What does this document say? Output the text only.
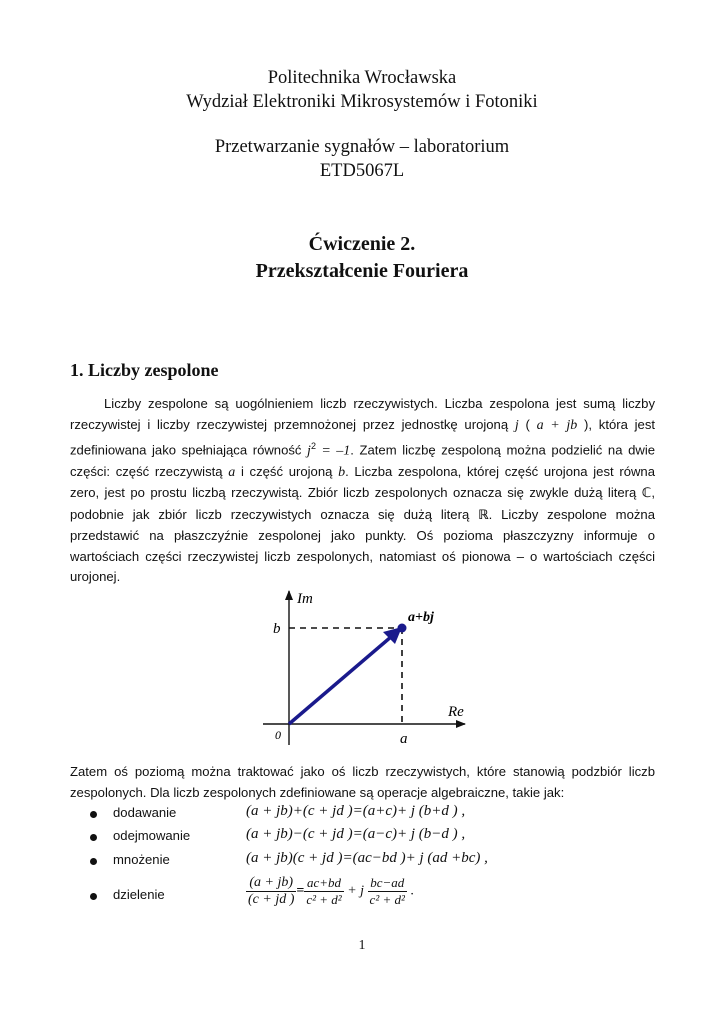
Politechnika Wrocławska
Wydział Elektroniki Mikrosystemów i Fotoniki
Przetwarzanie sygnałów – laboratorium
ETD5067L
Ćwiczenie 2.
Przekształcenie Fouriera
1. Liczby zespolone

Liczby zespolone są uogólnieniem liczb rzeczywistych. Liczba zespolona jest sumą liczby rzeczywistej i liczby rzeczywistej przemnożonej przez jednostkę urojoną j ( a + jb ), która jest zdefiniowana jako spełniająca równość $j^2 = -1$. Zatem liczbę zespoloną można podzielić na dwie części: część rzeczywistą a i część urojoną b. Liczba zespolona, której część urojona jest równa zero, jest po prostu liczbą rzeczywistą. Zbiór liczb zespolonych oznacza się zwykle dużą literą ℂ, podobnie jak zbiór liczb rzeczywistych oznacza się dużą literą ℝ. Liczby zespolone można przedstawić na płaszczyźnie zespolonej jako punkty. Oś pozioma płaszczyzny informuje o wartościach części rzeczywistej liczb zespolonych, natomiast oś pionowa – o wartościach części urojonej.

Im
Re
b
a
0
a+bj

Zatem oś poziomą można traktować jako oś liczb rzeczywistych, które stanowią podzbiór liczb zespolonych. Dla liczb zespolonych zdefiniowane są operacje algebraiczne, takie jak:

dodawanie	(a + jb)+(c + jd )=(a+c)+ j (b+d ) ,
odejmowanie	(a + jb)−(c + jd )=(a−c)+ j (b−d ) ,
mnożenie	(a + jb)(c + jd )=(ac−bd )+ j (ad +bc) ,
dzielenie	$\frac{(a + jb)}{(c + jd )} = \frac{ac+bd}{\text{c² + d²}} + j \frac{bc-ad}{\text{c² + d²}}$ .
1
